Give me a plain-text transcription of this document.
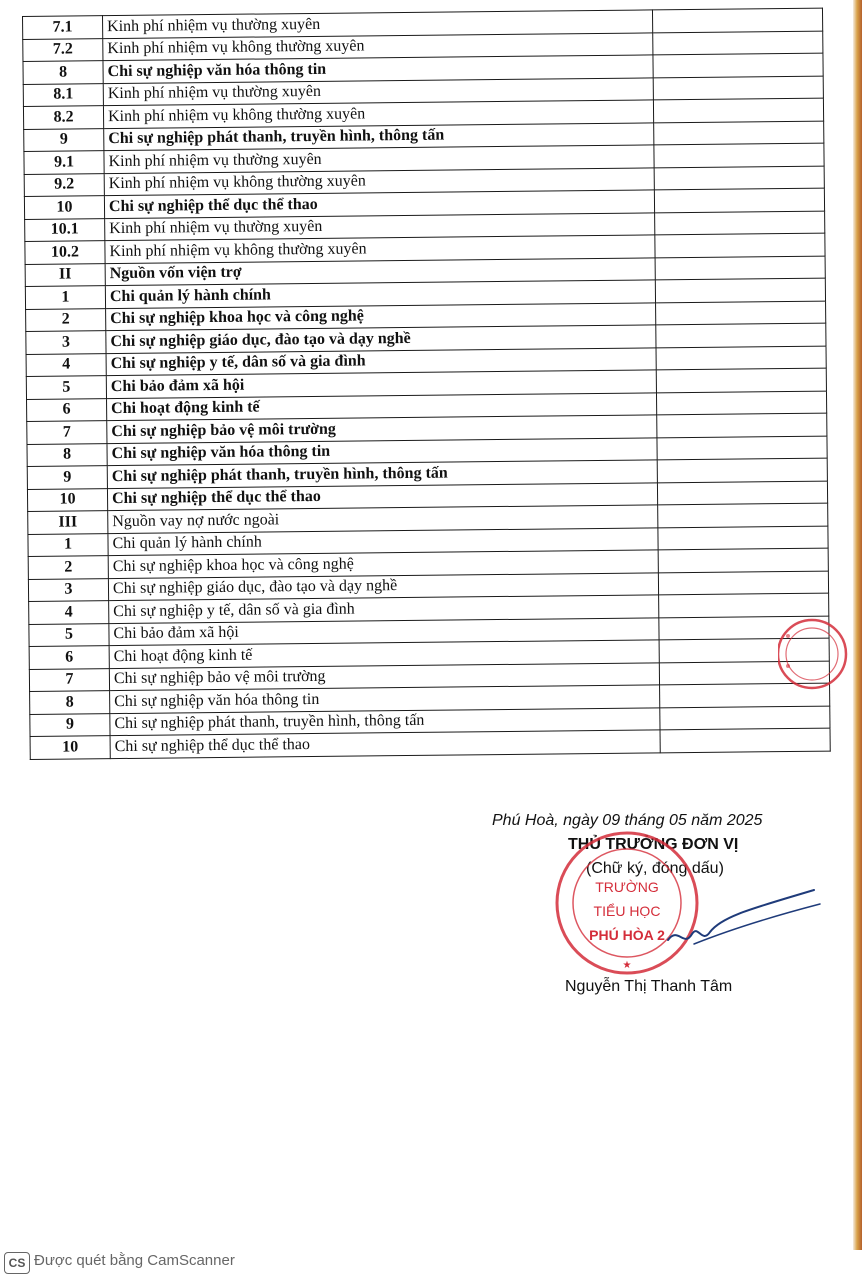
7.1	Kinh phí nhiệm vụ thường xuyên	
7.2	Kinh phí nhiệm vụ không thường xuyên	
8	Chi sự nghiệp văn hóa thông tin	
8.1	Kinh phí nhiệm vụ thường xuyên	
8.2	Kinh phí nhiệm vụ không thường xuyên	
9	Chi sự nghiệp phát thanh, truyền hình, thông tấn	
9.1	Kinh phí nhiệm vụ thường xuyên	
9.2	Kinh phí nhiệm vụ không thường xuyên	
10	Chi sự nghiệp thể dục thể thao	
10.1	Kinh phí nhiệm vụ thường xuyên	
10.2	Kinh phí nhiệm vụ không thường xuyên	
II	Nguồn vốn viện trợ	
1	Chi quản lý hành chính	
2	Chi sự nghiệp khoa học và công nghệ	
3	Chi sự nghiệp giáo dục, đào tạo và dạy nghề	
4	Chi sự nghiệp y tế, dân số và gia đình	
5	Chi bảo đảm xã hội	
6	Chi hoạt động kinh tế	
7	Chi sự nghiệp bảo vệ môi trường	
8	Chi sự nghiệp văn hóa thông tin	
9	Chi sự nghiệp phát thanh, truyền hình, thông tấn	
10	Chi sự nghiệp thể dục thể thao	
III	Nguồn vay nợ nước ngoài	
1	Chi quản lý hành chính	
2	Chi sự nghiệp khoa học và công nghệ	
3	Chi sự nghiệp giáo dục, đào tạo và dạy nghề	
4	Chi sự nghiệp y tế, dân số và gia đình	
5	Chi bảo đảm xã hội	
6	Chi hoạt động kinh tế	
7	Chi sự nghiệp bảo vệ môi trường	
8	Chi sự nghiệp văn hóa thông tin	
9	Chi sự nghiệp phát thanh, truyền hình, thông tấn	
10	Chi sự nghiệp thể dục thể thao	
Phú Hoà, ngày 09 tháng 05 năm 2025
THỦ TRƯỞNG ĐƠN VỊ
(Chữ ký, đóng dấu)
Nguyễn Thị Thanh Tâm
TRƯỜNG
TIỂU HỌC
PHÚ HÒA 2
★
CS Được quét bằng CamScanner
